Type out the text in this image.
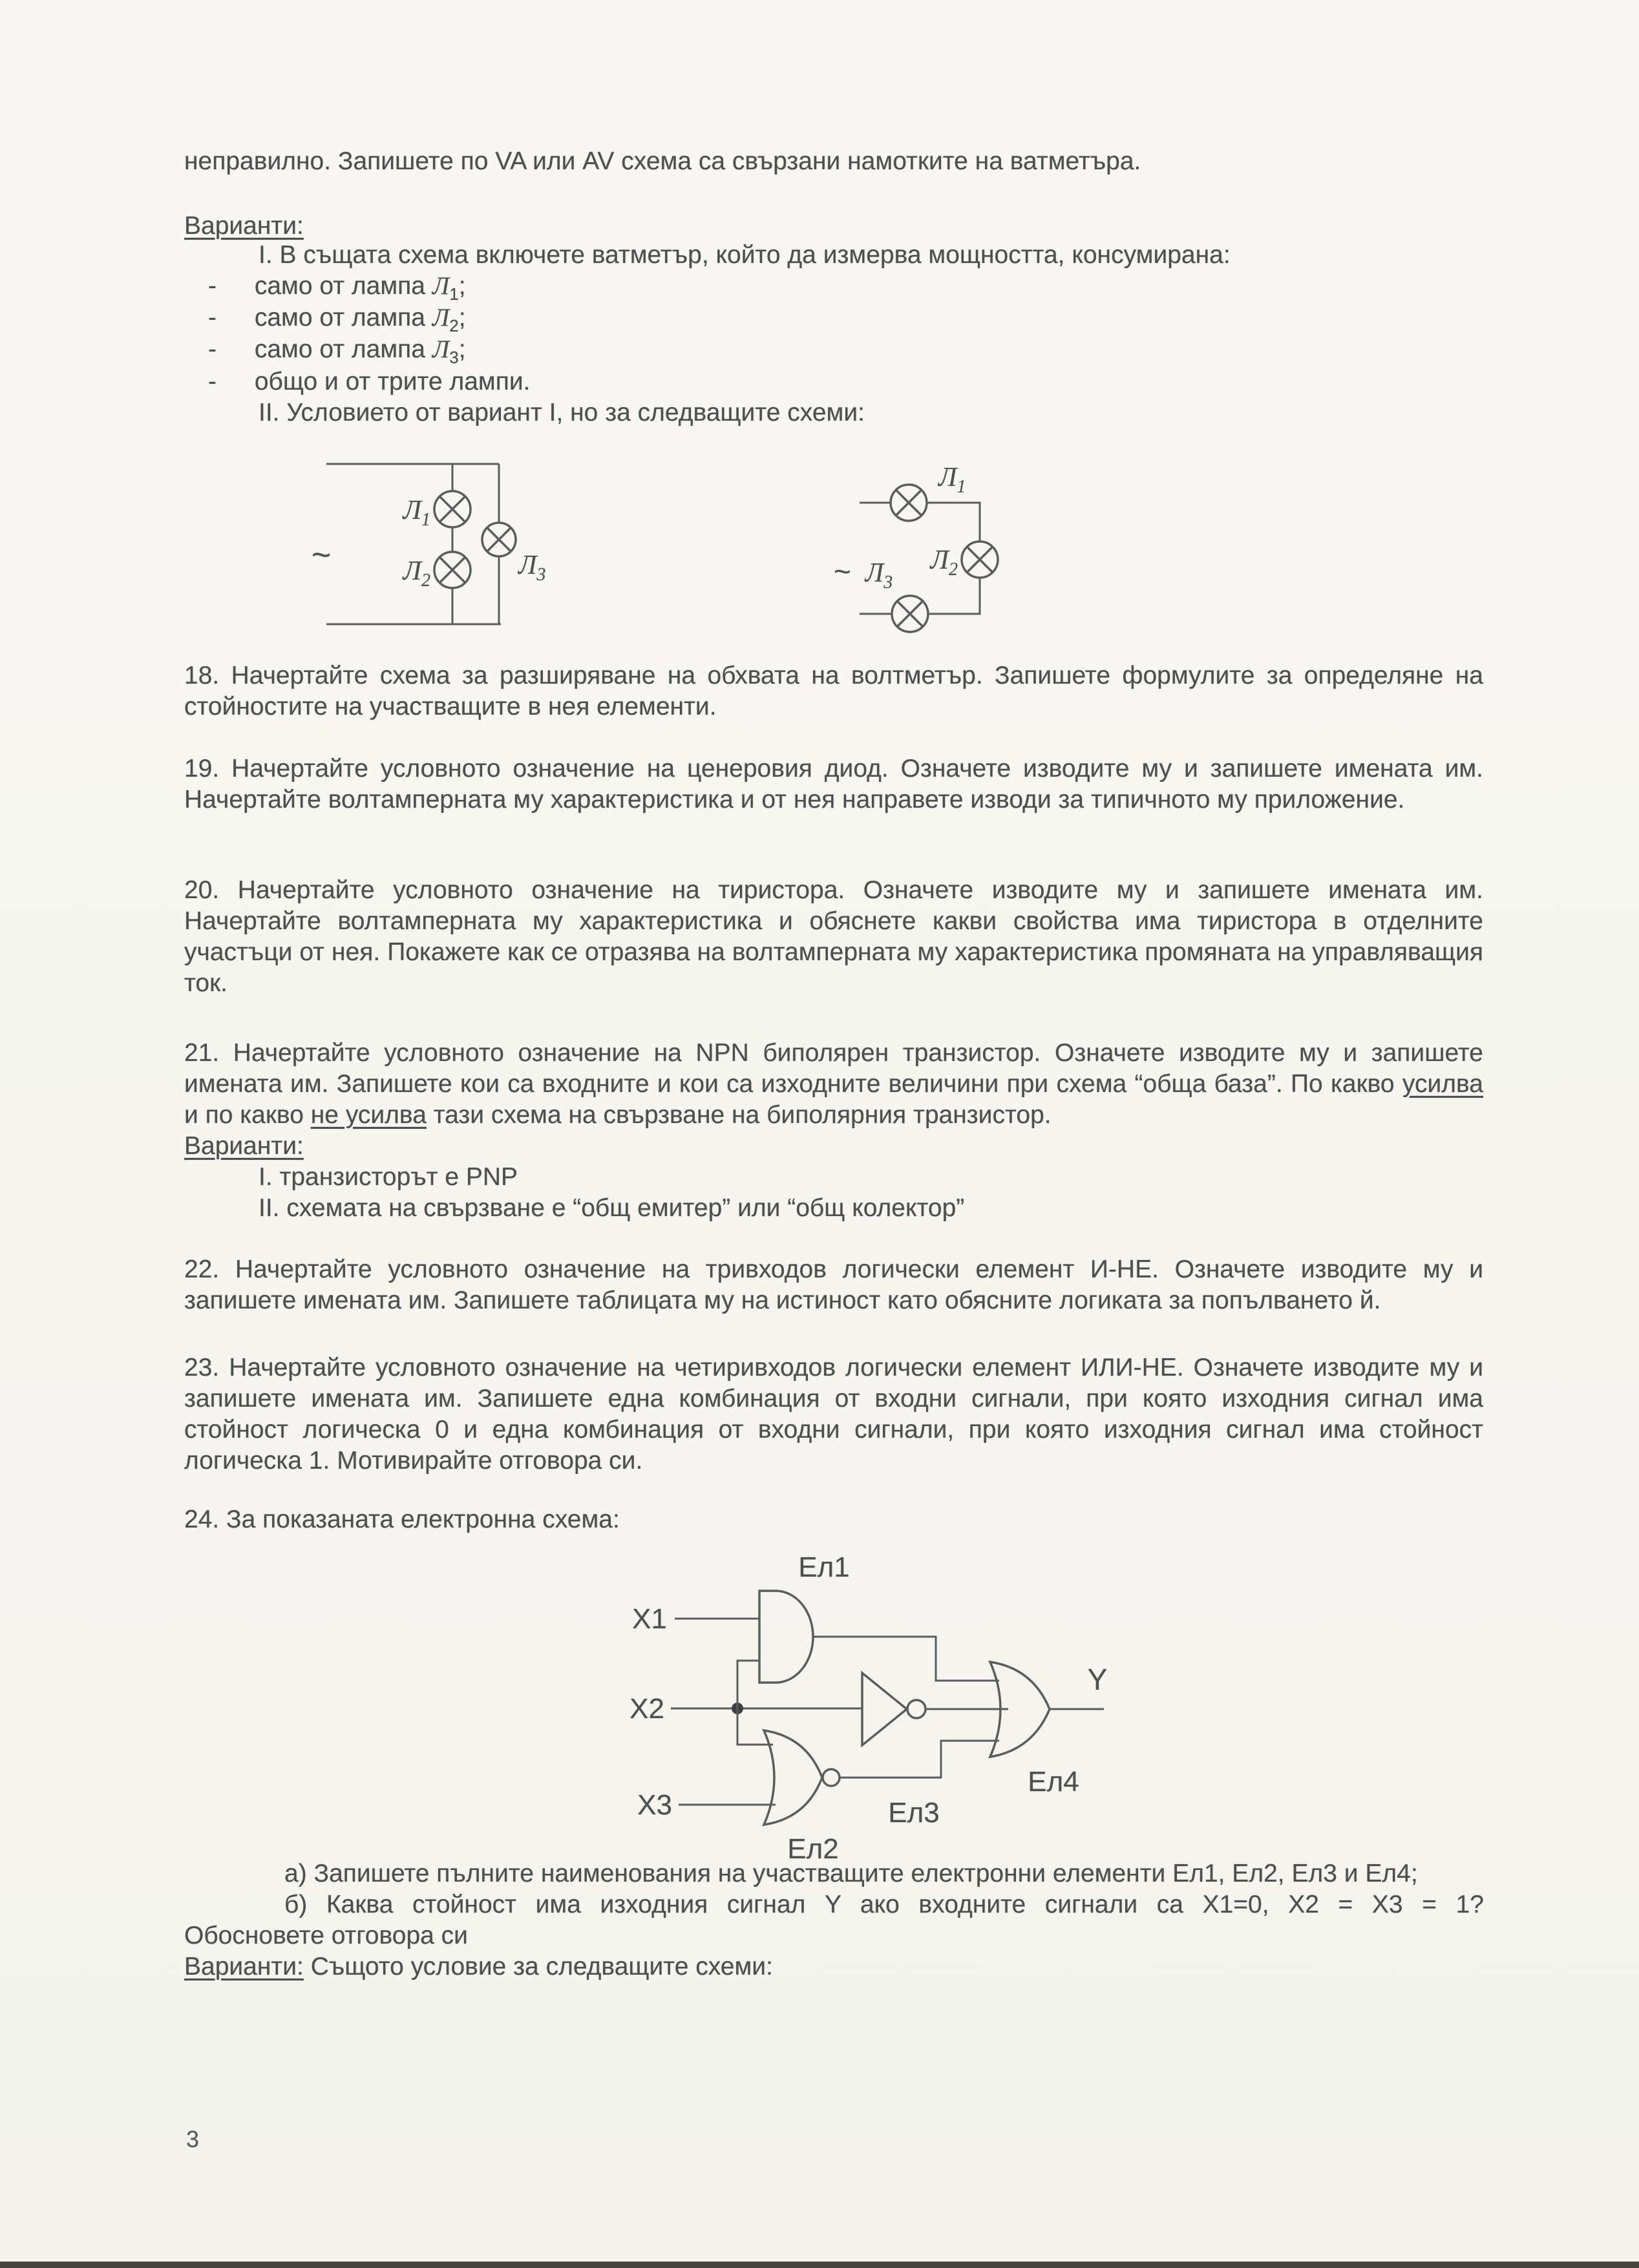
неправилно. Запишете по VA или AV схема са свързани намотките на ватметъра.
Варианти:
I. В същата схема включете ватметър, който да измерва мощността, консумирана:
- само от лампа $Л_1$;
- само от лампа $Л_2$;
- само от лампа $Л_3$;
- общо и от трите лампи.
II. Условието от вариант I, но за следващите схеми:
~
$Л_1$
$Л_2$
$Л_3$	~
$Л_1$
$Л_2$
$Л_3$
18. Начертайте схема за разширяване на обхвата на волтметър. Запишете формулите за определяне на стойностите на участващите в нея елементи.
19. Начертайте условното означение на ценеровия диод. Означете изводите му и запишете имената им. Начертайте волтамперната му характеристика и от нея направете изводи за типичното му приложение.
20. Начертайте условното означение на тиристора. Означете изводите му и запишете имената им. Начертайте волтамперната му характеристика и обяснете какви свойства има тиристора в отделните участъци от нея. Покажете как се отразява на волтамперната му характеристика промяната на управляващия ток.
21. Начертайте условното означение на NPN биполярен транзистор. Означете изводите му и запишете имената им. Запишете кои са входните и кои са изходните величини при схема “обща база”. По какво усилва и по какво не усилва тази схема на свързване на биполярния транзистор.
Варианти:
I. транзисторът е PNP
II. схемата на свързване е “общ емитер” или “общ колектор”
22. Начертайте условното означение на тривходов логически елемент И-НЕ. Означете изводите му и запишете имената им. Запишете таблицата му на истиност като обясните логиката за попълването й.
23. Начертайте условното означение на четиривходов логически елемент ИЛИ-НЕ. Означете изводите му и запишете имената им. Запишете една комбинация от входни сигнали, при която изходния сигнал има стойност логическа 0 и една комбинация от входни сигнали, при която изходния сигнал има стойност логическа 1. Мотивирайте отговора си.
24. За показаната електронна схема:
X1
X2
X3
Y
Ел1
Ел2
Ел3
Ел4
а) Запишете пълните наименования на участващите електронни елементи Ел1, Ел2, Ел3 и Ел4;
б) Каква стойност има изходния сигнал Y ако входните сигнали са X1=0, X2 = X3 = 1?
Обосновете отговора си
Варианти: Същото условие за следващите схеми:
3
